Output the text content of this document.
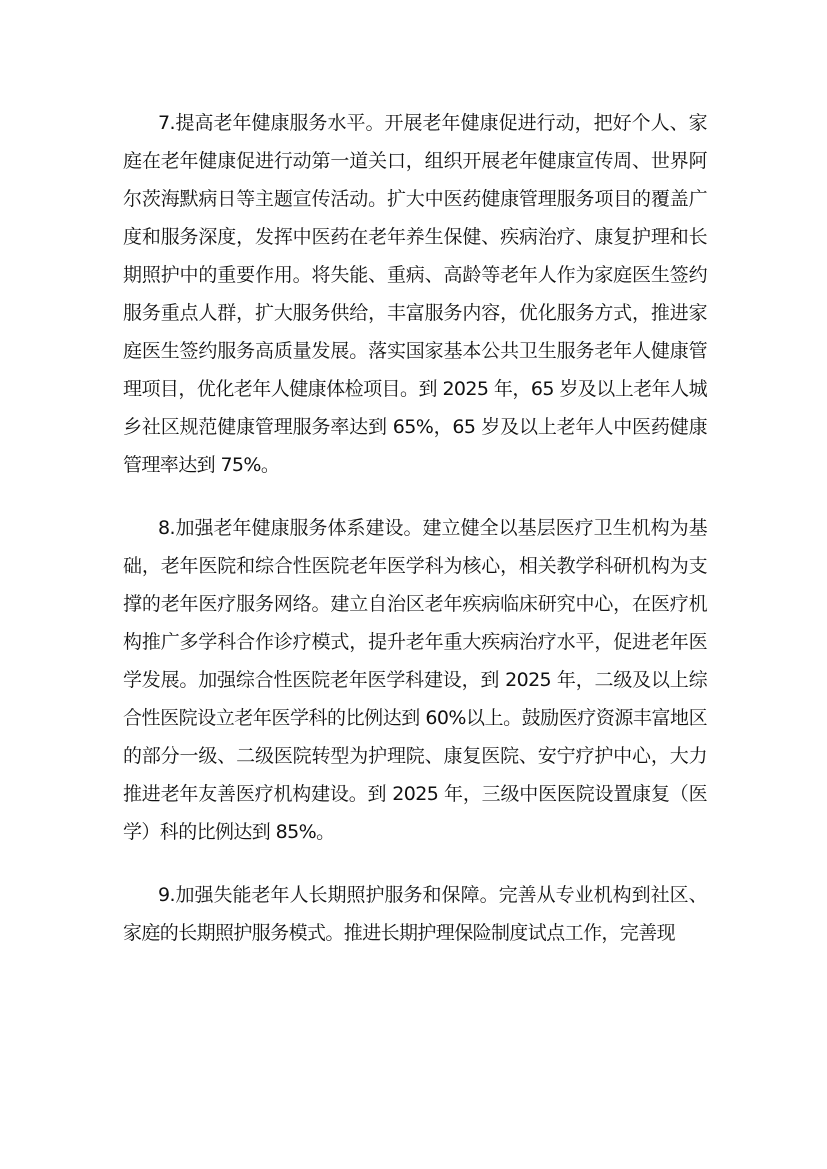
7.提高老年健康服务水平。开展老年健康促进行动，把好个人、家庭在老年健康促进行动第一道关口，组织开展老年健康宣传周、世界阿尔茨海默病日等主题宣传活动。扩大中医药健康管理服务项目的覆盖广度和服务深度，发挥中医药在老年养生保健、疾病治疗、康复护理和长期照护中的重要作用。将失能、重病、高龄等老年人作为家庭医生签约服务重点人群，扩大服务供给，丰富服务内容，优化服务方式，推进家庭医生签约服务高质量发展。落实国家基本公共卫生服务老年人健康管理项目，优化老年人健康体检项目。到 2025 年，65 岁及以上老年人城乡社区规范健康管理服务率达到 65%，65 岁及以上老年人中医药健康管理率达到 75%。

8.加强老年健康服务体系建设。建立健全以基层医疗卫生机构为基础，老年医院和综合性医院老年医学科为核心，相关教学科研机构为支撑的老年医疗服务网络。建立自治区老年疾病临床研究中心，在医疗机构推广多学科合作诊疗模式，提升老年重大疾病治疗水平，促进老年医学发展。加强综合性医院老年医学科建设，到 2025 年，二级及以上综合性医院设立老年医学科的比例达到 60%以上。鼓励医疗资源丰富地区的部分一级、二级医院转型为护理院、康复医院、安宁疗护中心，大力推进老年友善医疗机构建设。到 2025 年，三级中医医院设置康复（医学）科的比例达到 85%。

9.加强失能老年人长期照护服务和保障。完善从专业机构到社区、家庭的长期照护服务模式。推进长期护理保险制度试点工作，完善现
